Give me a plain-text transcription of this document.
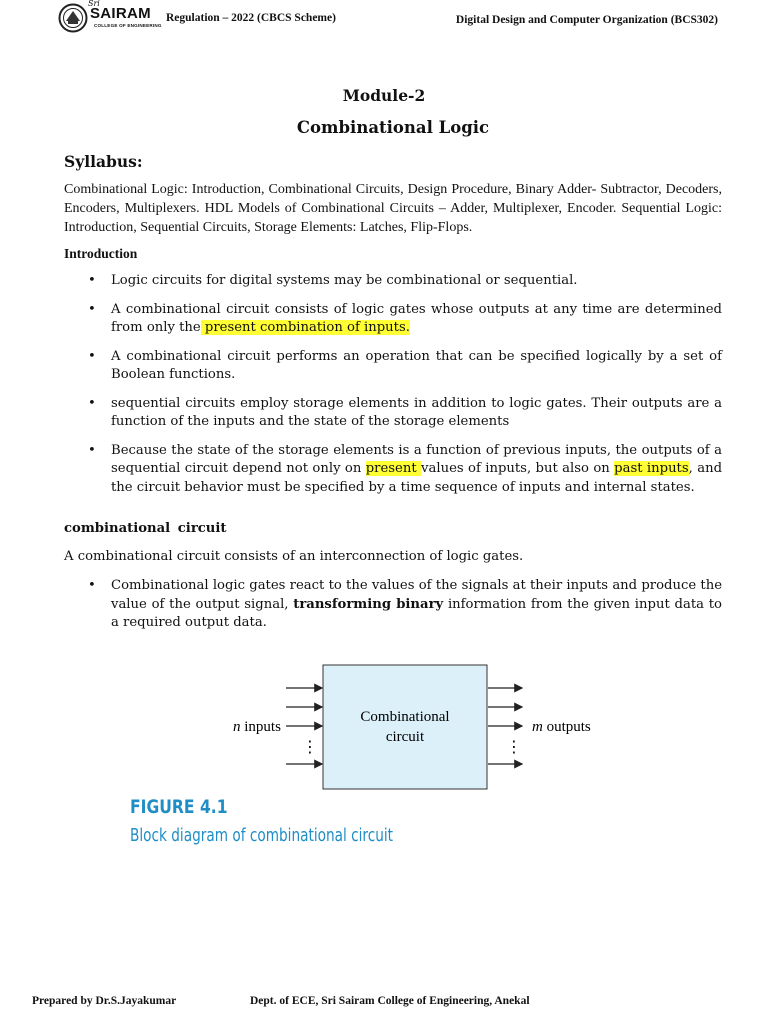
Sri
SAIRAM
COLLEGE OF ENGINEERING
Regulation – 2022 (CBCS Scheme)	Digital Design and Computer Organization (BCS302)
Module-2
Combinational Logic
Syllabus:
Combinational Logic: Introduction, Combinational Circuits, Design Procedure, Binary Adder- Subtractor, Decoders, Encoders, Multiplexers. HDL Models of Combinational Circuits – Adder, Multiplexer, Encoder. Sequential Logic: Introduction, Sequential Circuits, Storage Elements: Latches, Flip-Flops.
Introduction
• Logic circuits for digital systems may be combinational or sequential.
• A combinational circuit consists of logic gates whose outputs at any time are determined from only the present combination of inputs.
• A combinational circuit performs an operation that can be specified logically by a set of Boolean functions.
• sequential circuits employ storage elements in addition to logic gates. Their outputs are a function of the inputs and the state of the storage elements
• Because the state of the storage elements is a function of previous inputs, the outputs of a sequential circuit depend not only on present values of inputs, but also on past inputs, and the circuit behavior must be specified by a time sequence of inputs and internal states.
combinational circuit
A combinational circuit consists of an interconnection of logic gates.
• Combinational logic gates react to the values of the signals at their inputs and produce the value of the output signal, transforming binary information from the given input data to a required output data.
Combinational
circuit
⋮	⋮
n inputs	m outputs
FIGURE 4.1
Block diagram of combinational circuit
Prepared by Dr.S.Jayakumar	Dept. of ECE, Sri Sairam College of Engineering, Anekal
